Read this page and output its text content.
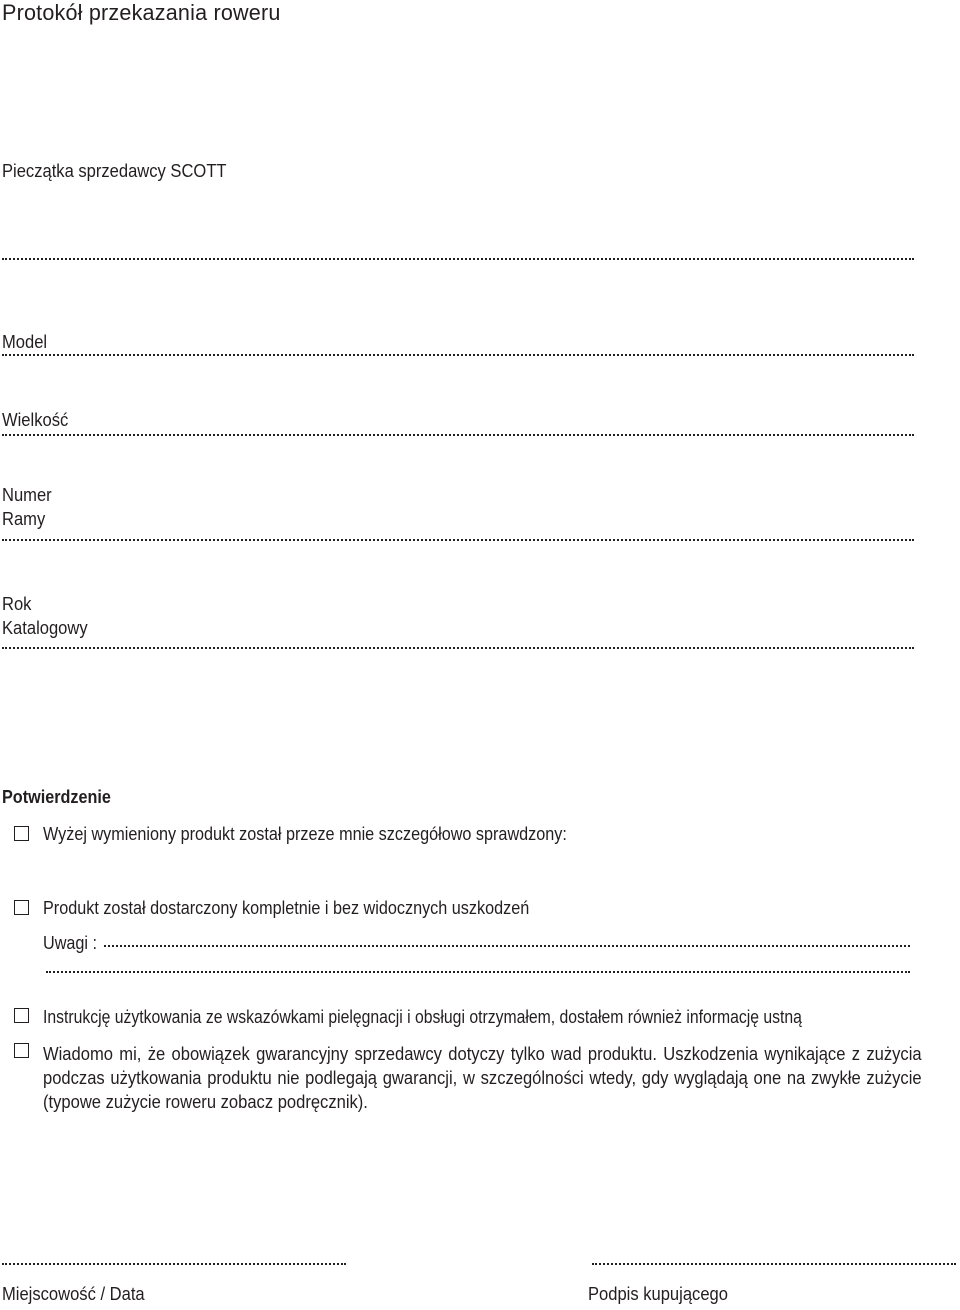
Protokół przekazania roweru
Pieczątka sprzedawcy SCOTT
Model
Wielkość
Numer
Ramy
Rok
Katalogowy
Potwierdzenie
Wyżej wymieniony produkt został przeze mnie szczegółowo sprawdzony:
Produkt został dostarczony kompletnie i bez widocznych uszkodzeń
Uwagi :
Instrukcję użytkowania ze wskazówkami pielęgnacji i obsługi otrzymałem, dostałem również informację ustną
Wiadomo mi, że obowiązek gwarancyjny sprzedawcy dotyczy tylko wad produktu. Uszkodzenia wynikające z zużycia podczas użytkowania produktu nie podlegają gwarancji, w szczególności wtedy, gdy wyglądają one na zwykłe zużycie (typowe zużycie roweru zobacz podręcznik).
Miejscowość / Data	Podpis kupującego
